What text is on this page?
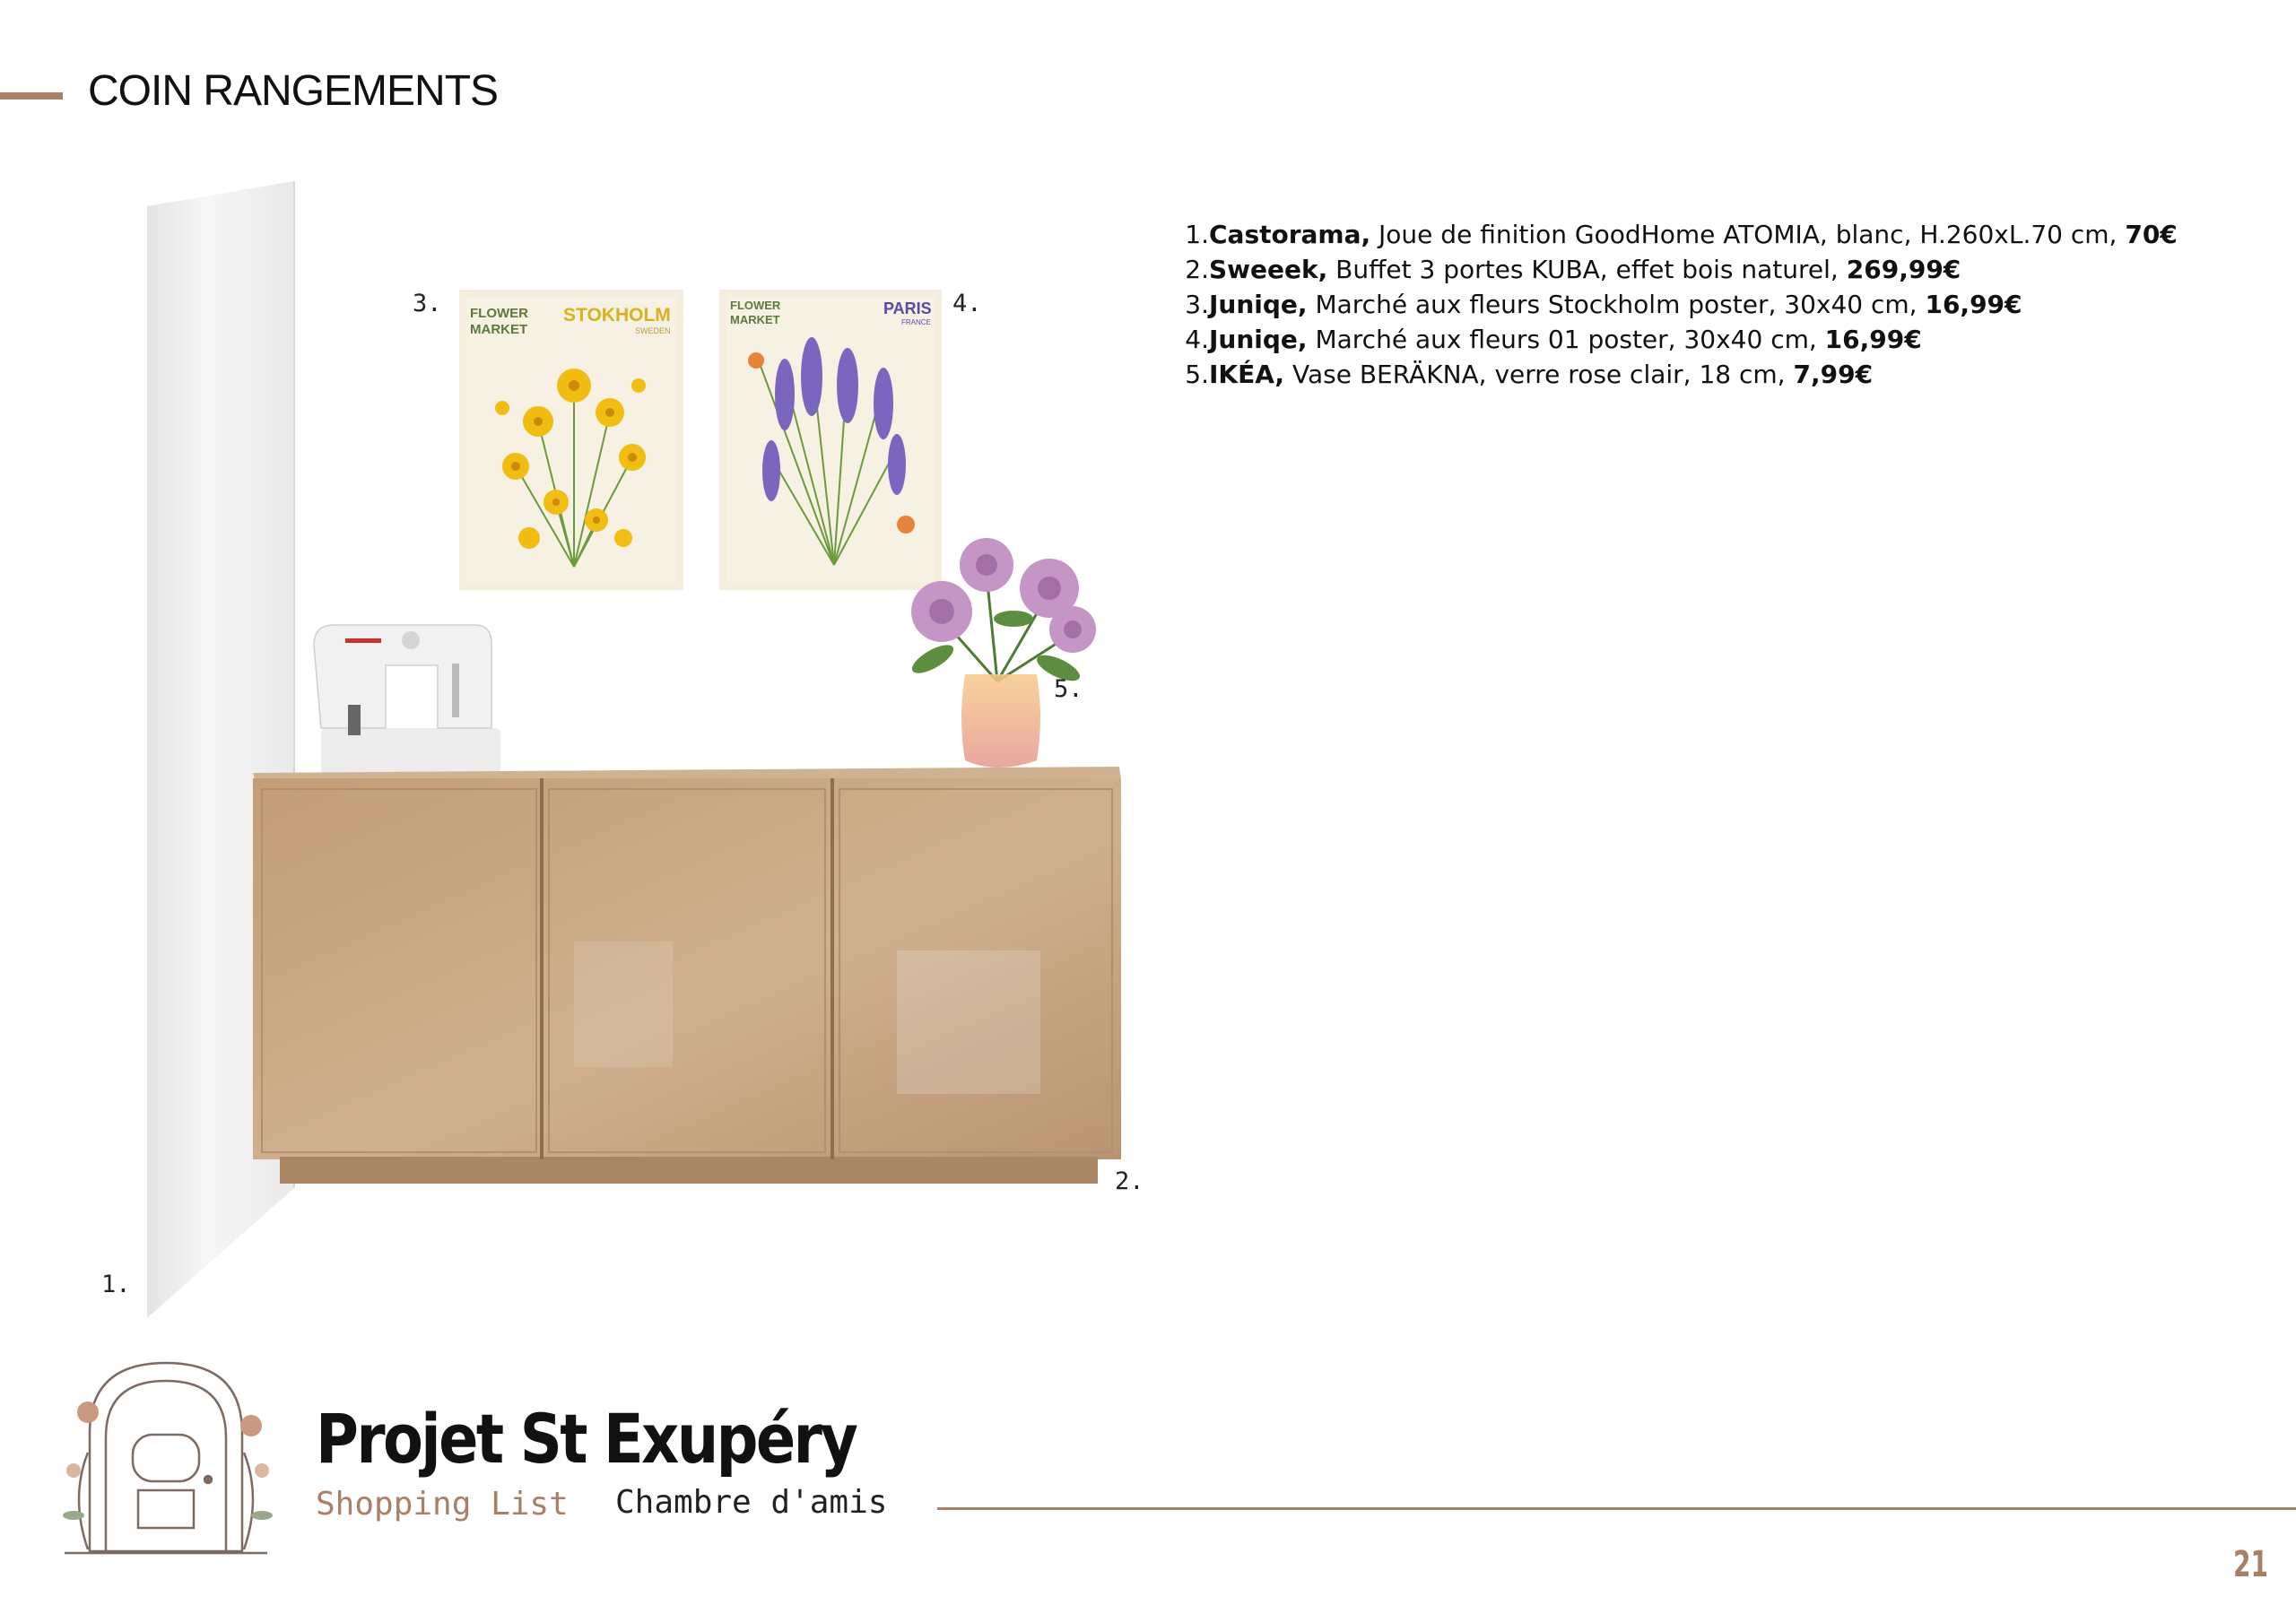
COIN RANGEMENTS
FLOWER
MARKET
STOKHOLM
SWEDEN
FLOWER
MARKET
PARIS
FRANCE
3.	4.
5.
2.
1.
1.Castorama, Joue de finition GoodHome ATOMIA, blanc, H.260xL.70 cm, 70€
2.Sweeek, Buffet 3 portes KUBA, effet bois naturel, 269,99€
3.Juniqe, Marché aux fleurs Stockholm poster, 30x40 cm, 16,99€
4.Juniqe, Marché aux fleurs 01 poster, 30x40 cm, 16,99€
5.IKÉA, Vase BERÄKNA, verre rose clair, 18 cm, 7,99€
Projet St Exupéry
Shopping List Chambre d'amis
21
